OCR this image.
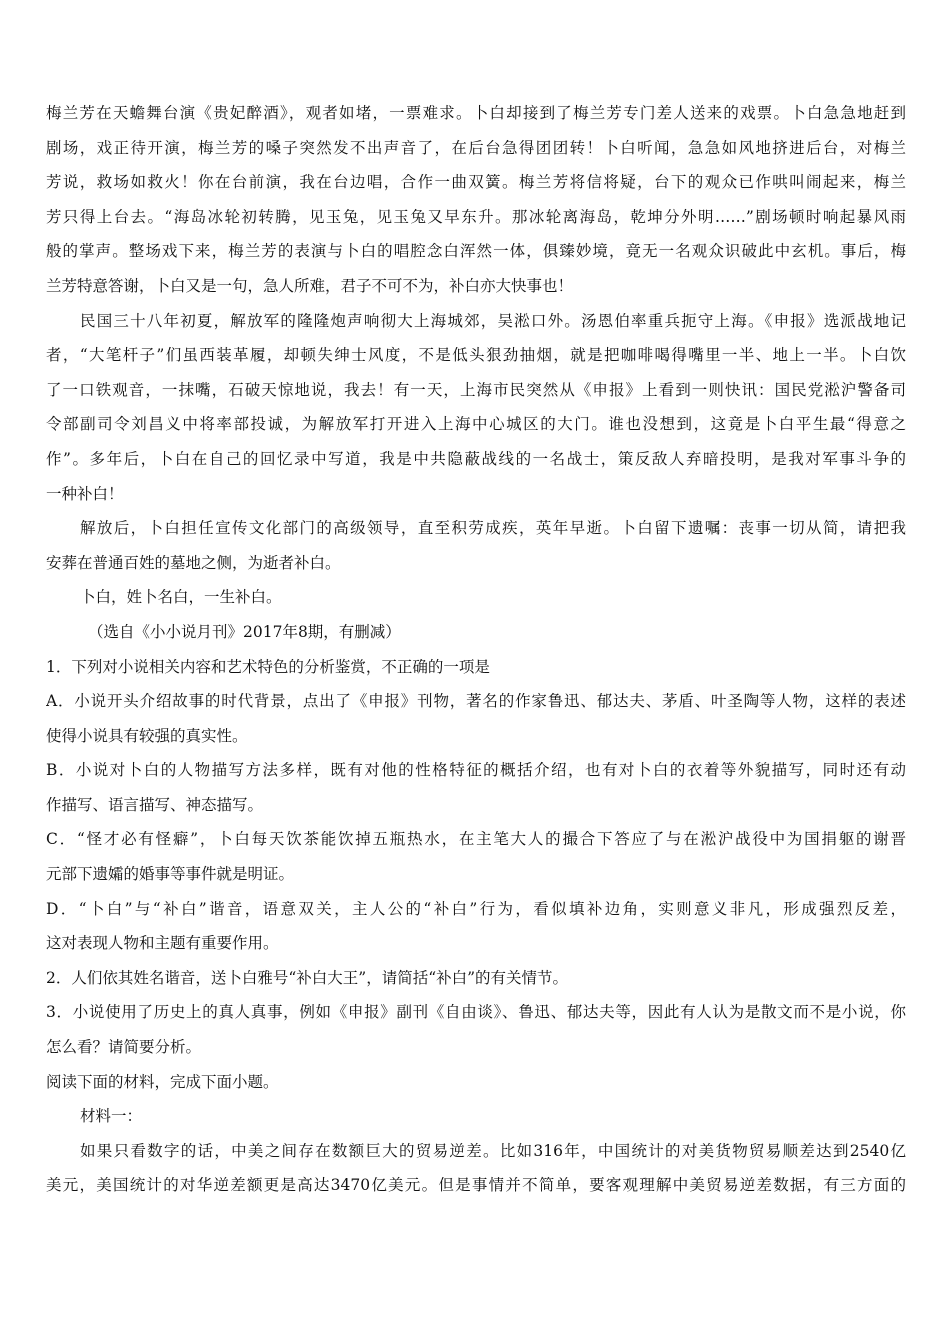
梅兰芳在天蟾舞台演《贵妃醉酒》，观者如堵，一票难求。卜白却接到了梅兰芳专门差人送来的戏票。卜白急急地赶到
剧场，戏正待开演，梅兰芳的嗓子突然发不出声音了，在后台急得团团转！卜白听闻，急急如风地挤进后台，对梅兰
芳说，救场如救火！你在台前演，我在台边唱，合作一曲双簧。梅兰芳将信将疑，台下的观众已作哄叫闹起来，梅兰
芳只得上台去。“海岛冰轮初转腾，见玉兔，见玉兔又早东升。那冰轮离海岛，乾坤分外明……”剧场顿时响起暴风雨
般的掌声。整场戏下来，梅兰芳的表演与卜白的唱腔念白浑然一体，俱臻妙境，竟无一名观众识破此中玄机。事后，梅
兰芳特意答谢，卜白又是一句，急人所难，君子不可不为，补白亦大快事也！
民国三十八年初夏，解放军的隆隆炮声响彻大上海城郊，吴淞口外。汤恩伯率重兵扼守上海。《申报》选派战地记
者，“大笔杆子”们虽西装革履，却顿失绅士风度，不是低头狠劲抽烟，就是把咖啡喝得嘴里一半、地上一半。卜白饮
了一口铁观音，一抹嘴，石破天惊地说，我去！有一天，上海市民突然从《申报》上看到一则快讯：国民党淞沪警备司
令部副司令刘昌义中将率部投诚，为解放军打开进入上海中心城区的大门。谁也没想到，这竟是卜白平生最“得意之
作”。多年后，卜白在自己的回忆录中写道，我是中共隐蔽战线的一名战士，策反敌人弃暗投明，是我对军事斗争的
一种补白！
解放后，卜白担任宣传文化部门的高级领导，直至积劳成疾，英年早逝。卜白留下遗嘱：丧事一切从简，请把我
安葬在普通百姓的墓地之侧，为逝者补白。
卜白，姓卜名白，一生补白。
（选自《小小说月刊》2017年8期，有删减）
1．下列对小说相关内容和艺术特色的分析鉴赏，不正确的一项是
A．小说开头介绍故事的时代背景，点出了《申报》刊物，著名的作家鲁迅、郁达夫、茅盾、叶圣陶等人物，这样的表述
使得小说具有较强的真实性。
B．小说对卜白的人物描写方法多样，既有对他的性格特征的概括介绍，也有对卜白的衣着等外貌描写，同时还有动
作描写、语言描写、神态描写。
C．“怪才必有怪癖”，卜白每天饮茶能饮掉五瓶热水，在主笔大人的撮合下答应了与在淞沪战役中为国捐躯的谢晋
元部下遗孀的婚事等事件就是明证。
D．“卜白”与“补白”谐音，语意双关，主人公的“补白”行为，看似填补边角，实则意义非凡，形成强烈反差，
这对表现人物和主题有重要作用。
2．人们依其姓名谐音，送卜白雅号“补白大王”，请简括“补白”的有关情节。
3．小说使用了历史上的真人真事，例如《申报》副刊《自由谈》、鲁迅、郁达夫等，因此有人认为是散文而不是小说，你
怎么看？请简要分析。
阅读下面的材料，完成下面小题。
材料一：
如果只看数字的话，中美之间存在数额巨大的贸易逆差。比如316年，中国统计的对美货物贸易顺差达到2540亿
美元，美国统计的对华逆差额更是高达3470亿美元。但是事情并不简单，要客观理解中美贸易逆差数据，有三方面的
